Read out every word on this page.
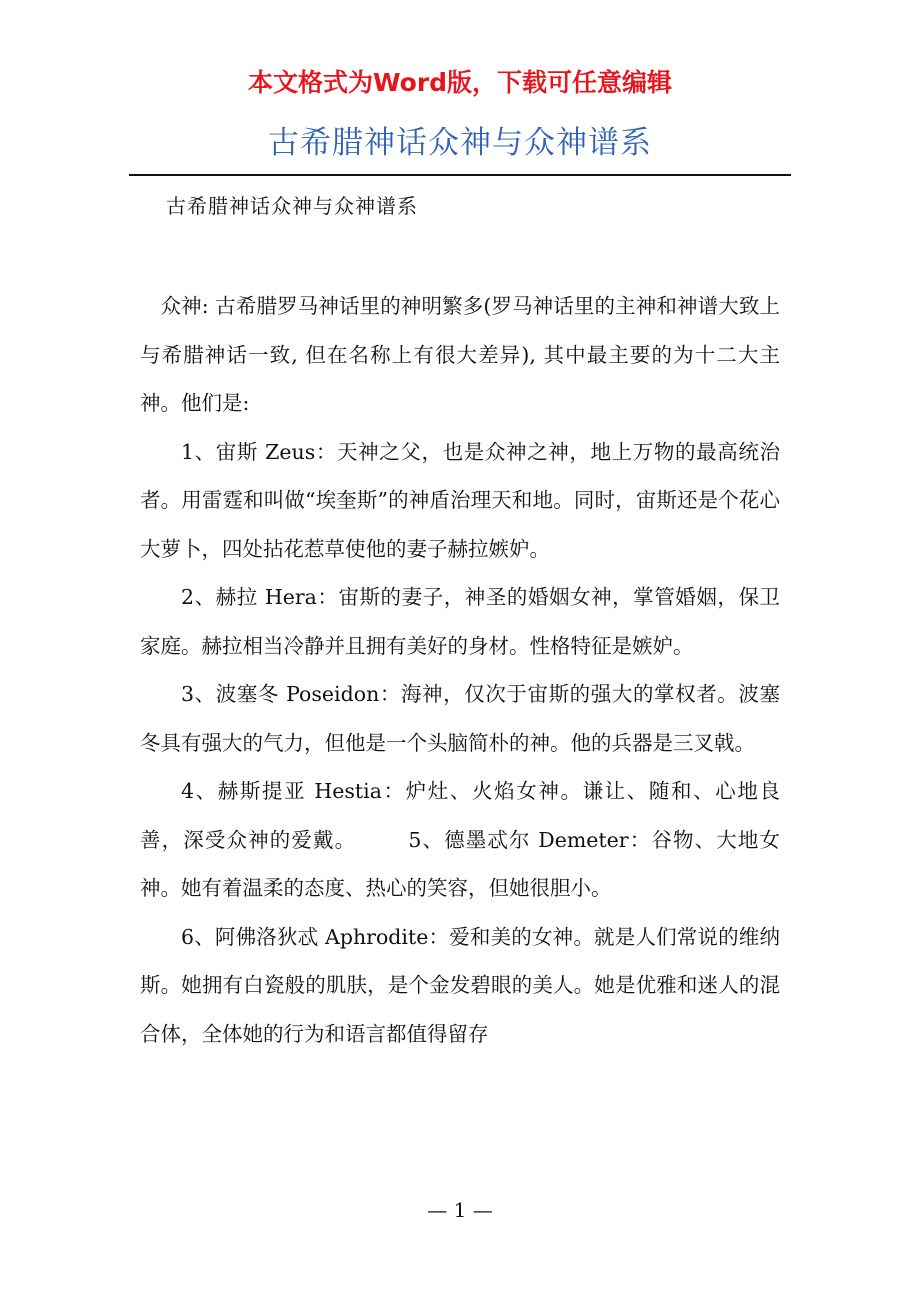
本文格式为Word版，下载可任意编辑
古希腊神话众神与众神谱系
古希腊神话众神与众神谱系

众神: 古希腊罗马神话里的神明繁多(罗马神话里的主神和神谱大致上与希腊神话一致, 但在名称上有很大差异), 其中最主要的为十二大主神。他们是:

1、宙斯 Zeus：天神之父，也是众神之神，地上万物的最高统治者。用雷霆和叫做“埃奎斯”的神盾治理天和地。同时，宙斯还是个花心大萝卜，四处拈花惹草使他的妻子赫拉嫉妒。

2、赫拉 Hera：宙斯的妻子，神圣的婚姻女神，掌管婚姻，保卫家庭。赫拉相当冷静并且拥有美好的身材。性格特征是嫉妒。

3、波塞冬 Poseidon：海神，仅次于宙斯的强大的掌权者。波塞冬具有强大的气力，但他是一个头脑简朴的神。他的兵器是三叉戟。

4、赫斯提亚 Hestia：炉灶、火焰女神。谦让、随和、心地良善，深受众神的爱戴。	5、德墨忒尔 Demeter：谷物、大地女神。她有着温柔的态度、热心的笑容，但她很胆小。

6、阿佛洛狄忒 Aphrodite：爱和美的女神。就是人们常说的维纳斯。她拥有白瓷般的肌肤，是个金发碧眼的美人。她是优雅和迷人的混合体，全体她的行为和语言都值得留存

— 1 —
